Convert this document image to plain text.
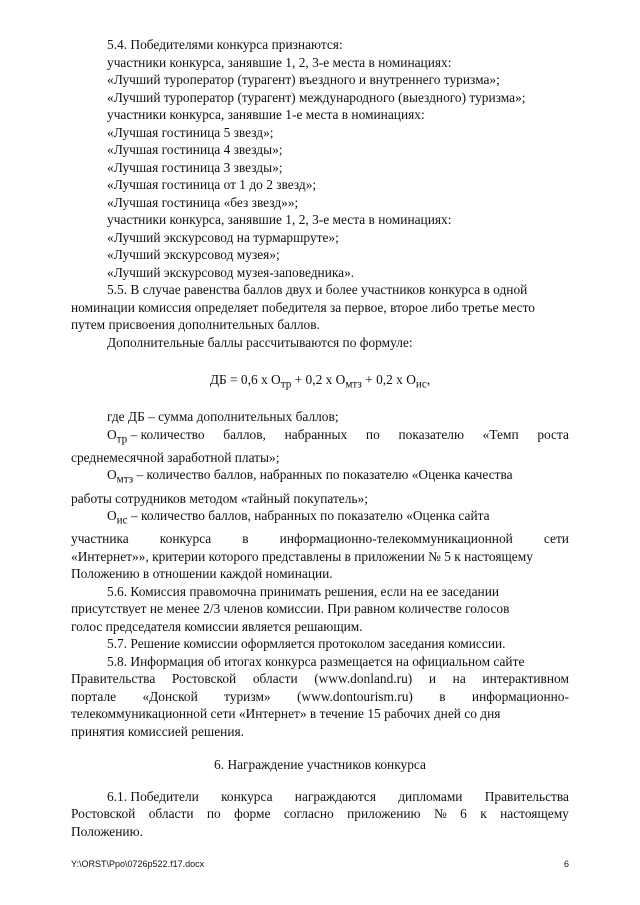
5.4. Победителями конкурса признаются:

участники конкурса, занявшие 1, 2, 3-е места в номинациях:

«Лучший туроператор (турагент) въездного и внутреннего туризма»;

«Лучший туроператор (турагент) международного (выездного) туризма»;

участники конкурса, занявшие 1-е места в номинациях:

«Лучшая гостиница 5 звезд»;

«Лучшая гостиница 4 звезды»;

«Лучшая гостиница 3 звезды»;

«Лучшая гостиница от 1 до 2 звезд»;

«Лучшая гостиница «без звезд»»;

участники конкурса, занявшие 1, 2, 3-е места в номинациях:

«Лучший экскурсовод на турмаршруте»;

«Лучший экскурсовод музея»;

«Лучший экскурсовод музея-заповедника».

5.5. В случае равенства баллов двух и более участников конкурса в одной

номинации комиссия определяет победителя за первое, второе либо третье место

путем присвоения дополнительных баллов.

Дополнительные баллы рассчитываются по формуле:

ДБ = 0,6 х $О_{тр} + 0,2$ х $О_{мтз} + 0,2$ х $О_{ис}$,

где ДБ – сумма дополнительных баллов;

$О_{тр}$ – количество баллов, набранных по показателю «Темп роста

среднемесячной заработной платы»;

$О_{мтз}$ – количество баллов, набранных по показателю «Оценка качества

работы сотрудников методом «тайный покупатель»;

$О_{ис}$ – количество баллов, набранных по показателю «Оценка сайта

участника конкурса в информационно-телекоммуникационной сети

«Интернет»», критерии которого представлены в приложении № 5 к настоящему

Положению в отношении каждой номинации.

5.6. Комиссия правомочна принимать решения, если на ее заседании

присутствует не менее 2/3 членов комиссии. При равном количестве голосов

голос председателя комиссии является решающим.

5.7. Решение комиссии оформляется протоколом заседания комиссии.

5.8. Информация об итогах конкурса размещается на официальном сайте

Правительства Ростовской области (www.donland.ru) и на интерактивном
портале «Донской туризм» (www.dontourism.ru) в информационно-

телекоммуникационной сети «Интернет» в течение 15 рабочих дней со дня

принятия комиссией решения.

6. Награждение участников конкурса

6.1. Победители конкурса награждаются дипломами Правительства
Ростовской области по форме согласно приложению № 6 к настоящему

Положению.

Y:\ORST\Ppo\0726p522.f17.docx	6
